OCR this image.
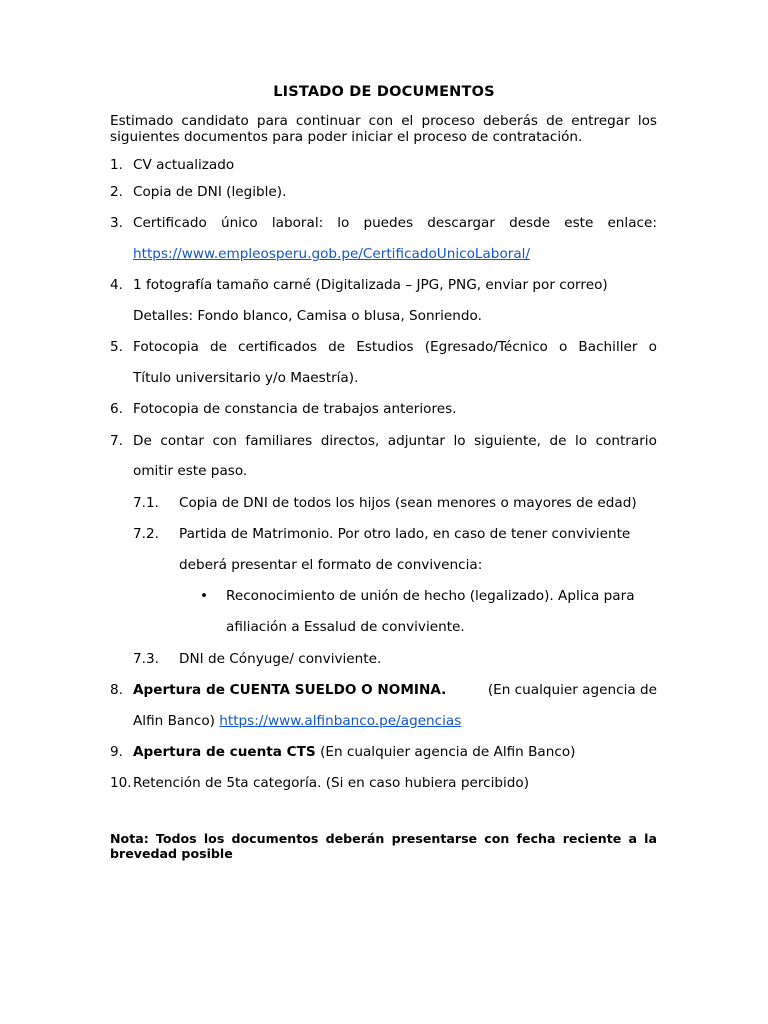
LISTADO DE DOCUMENTOS
Estimado candidato para continuar con el proceso deberás de entregar los
siguientes documentos para poder iniciar el proceso de contratación.
1. CV actualizado
2. Copia de DNI (legible).
3. Certificado único laboral: lo puedes descargar desde este enlace:
https://www.empleosperu.gob.pe/CertificadoUnicoLaboral/
4. 1 fotografía tamaño carné (Digitalizada – JPG, PNG, enviar por correo)
Detalles: Fondo blanco, Camisa o blusa, Sonriendo.
5. Fotocopia de certificados de Estudios (Egresado/Técnico o Bachiller o
Título universitario y/o Maestría).
6. Fotocopia de constancia de trabajos anteriores.
7. De contar con familiares directos, adjuntar lo siguiente, de lo contrario
omitir este paso.
7.1. Copia de DNI de todos los hijos (sean menores o mayores de edad)
7.2. Partida de Matrimonio. Por otro lado, en caso de tener conviviente
deberá presentar el formato de convivencia:
• Reconocimiento de unión de hecho (legalizado). Aplica para
afiliación a Essalud de conviviente.
7.3. DNI de Cónyuge/ conviviente.
8. Apertura de CUENTA SUELDO O NOMINA.	(En cualquier agencia de
Alfin Banco) https://www.alfinbanco.pe/agencias
9. Apertura de cuenta CTS (En cualquier agencia de Alfin Banco)
10. Retención de 5ta categoría. (Si en caso hubiera percibido)
Nota: Todos los documentos deberán presentarse con fecha reciente a la
brevedad posible
